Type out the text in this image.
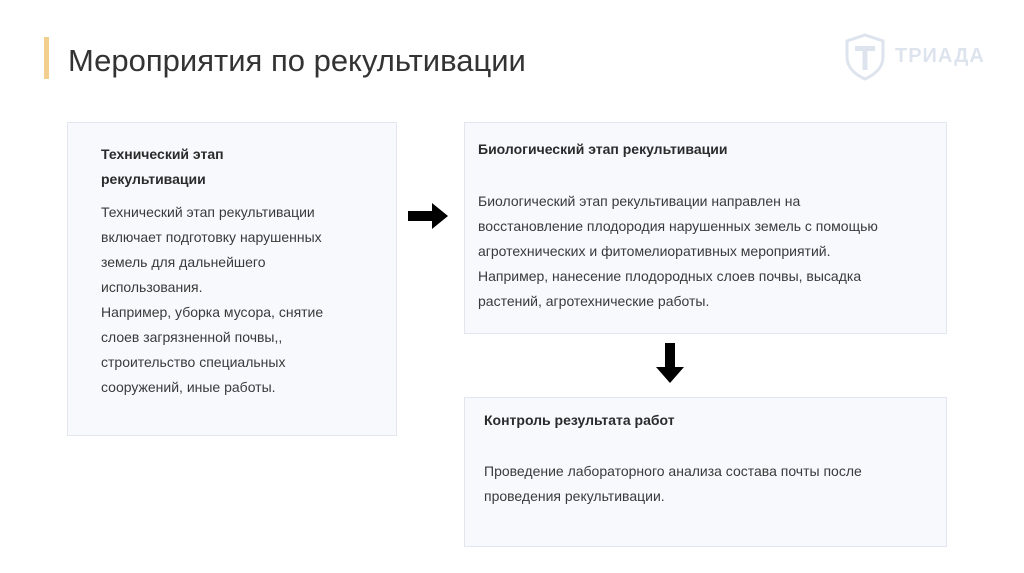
Мероприятия по рекультивации	ТРИАДА
Технический этап
рекультивации
Технический этап рекультивации
включает подготовку нарушенных
земель для дальнейшего
использования.
Например, уборка мусора, снятие
слоев загрязненной почвы,,
строительство специальных
сооружений, иные работы.
Биологический этап рекультивации
Биологический этап рекультивации направлен на
восстановление плодородия нарушенных земель с помощью
агротехнических и фитомелиоративных мероприятий.
Например, нанесение плодородных слоев почвы, высадка
растений, агротехнические работы.
Контроль результата работ
Проведение лабораторного анализа состава почты после
проведения рекультивации.
